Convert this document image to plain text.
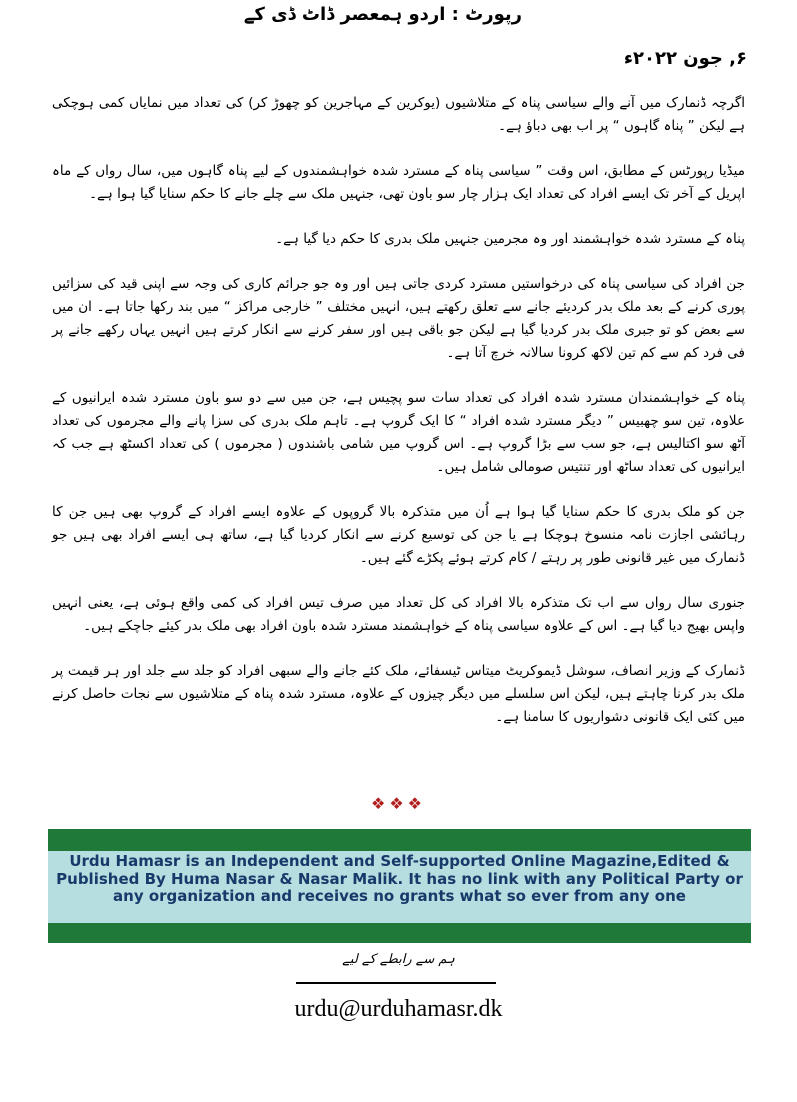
رپورٹ : اردو ہمعصر ڈاٹ ڈی کے
۶, جون ۲۰۲۲ء

اگرچہ ڈنمارک میں آنے والے سیاسی پناہ کے متلاشیوں (یوکرین کے مہاجرین کو چھوڑ کر) کی تعداد میں نمایاں کمی ہوچکی ہے لیکن ” پناہ گاہوں “ پر اب بھی دباؤ ہے۔

میڈیا رپورٹس کے مطابق، اس وقت ” سیاسی پناہ کے مسترد شدہ خواہشمندوں کے لیے پناہ گاہوں میں، سال رواں کے ماہ اپریل کے آخر تک ایسے افراد کی تعداد ایک ہزار چار سو باون تھی، جنہیں ملک سے چلے جانے کا حکم سنایا گیا ہوا ہے۔

پناہ کے مسترد شدہ خواہشمند اور وہ مجرمین جنہیں ملک بدری کا حکم دیا گیا ہے۔

جن افراد کی سیاسی پناہ کی درخواستیں مسترد کردی جاتی ہیں اور وہ جو جرائم کاری کی وجہ سے اپنی قید کی سزائیں پوری کرنے کے بعد ملک بدر کردیئے جانے سے تعلق رکھتے ہیں، انہیں مختلف ” خارجی مراکز “ میں بند رکھا جاتا ہے۔ ان میں سے بعض کو تو جبری ملک بدر کردیا گیا ہے لیکن جو باقی ہیں اور سفر کرنے سے انکار کرتے ہیں انہیں یہاں رکھے جانے پر فی فرد کم سے کم تین لاکھ کرونا سالانہ خرچ آتا ہے۔

پناہ کے خواہشمندان مسترد شدہ افراد کی تعداد سات سو پچیس ہے، جن میں سے دو سو باون مسترد شدہ ایرانیوں کے علاوہ، تین سو چھبیس ” دیگر مسترد شدہ افراد “ کا ایک گروپ ہے۔ تاہم ملک بدری کی سزا پانے والے مجرموں کی تعداد آٹھ سو اکتالیس ہے، جو سب سے بڑا گروپ ہے۔ اس گروپ میں شامی باشندوں ( مجرموں ) کی تعداد اکسٹھ ہے جب کہ ایرانیوں کی تعداد ساٹھ اور تنتیس صومالی شامل ہیں۔

جن کو ملک بدری کا حکم سنایا گیا ہوا ہے اُن میں متذکرہ بالا گروپوں کے علاوہ ایسے افراد کے گروپ بھی ہیں جن کا رہائشی اجازت نامہ منسوخ ہوچکا ہے یا جن کی توسیع کرنے سے انکار کردیا گیا ہے، ساتھ ہی ایسے افراد بھی ہیں جو ڈنمارک میں غیر قانونی طور پر رہتے / کام کرتے ہوئے پکڑے گئے ہیں۔

جنوری سال رواں سے اب تک متذکرہ بالا افراد کی کل تعداد میں صرف تیس افراد کی کمی واقع ہوئی ہے، یعنی انہیں واپس بھیج دیا گیا ہے۔ اس کے علاوہ سیاسی پناہ کے خواہشمند مسترد شدہ باون افراد بھی ملک بدر کیئے جاچکے ہیں۔

ڈنمارک کے وزیر انصاف، سوشل ڈیموکریٹ میتاس ٹیسفائے، ملک کئے جانے والے سبھی افراد کو جلد سے جلد اور ہر قیمت پر ملک بدر کرنا چاہتے ہیں، لیکن اس سلسلے میں دیگر چیزوں کے علاوہ، مسترد شدہ پناہ کے متلاشیوں سے نجات حاصل کرنے میں کئی ایک قانونی دشواریوں کا سامنا ہے۔

❖❖❖
Urdu Hamasr is an Independent and Self-supported Online Magazine,Edited & Published By Huma Nasar & Nasar Malik. It has no link with any Political Party or any organization and receives no grants what so ever from any one
ہم سے رابطے کے لیے
urdu@urduhamasr.dk
